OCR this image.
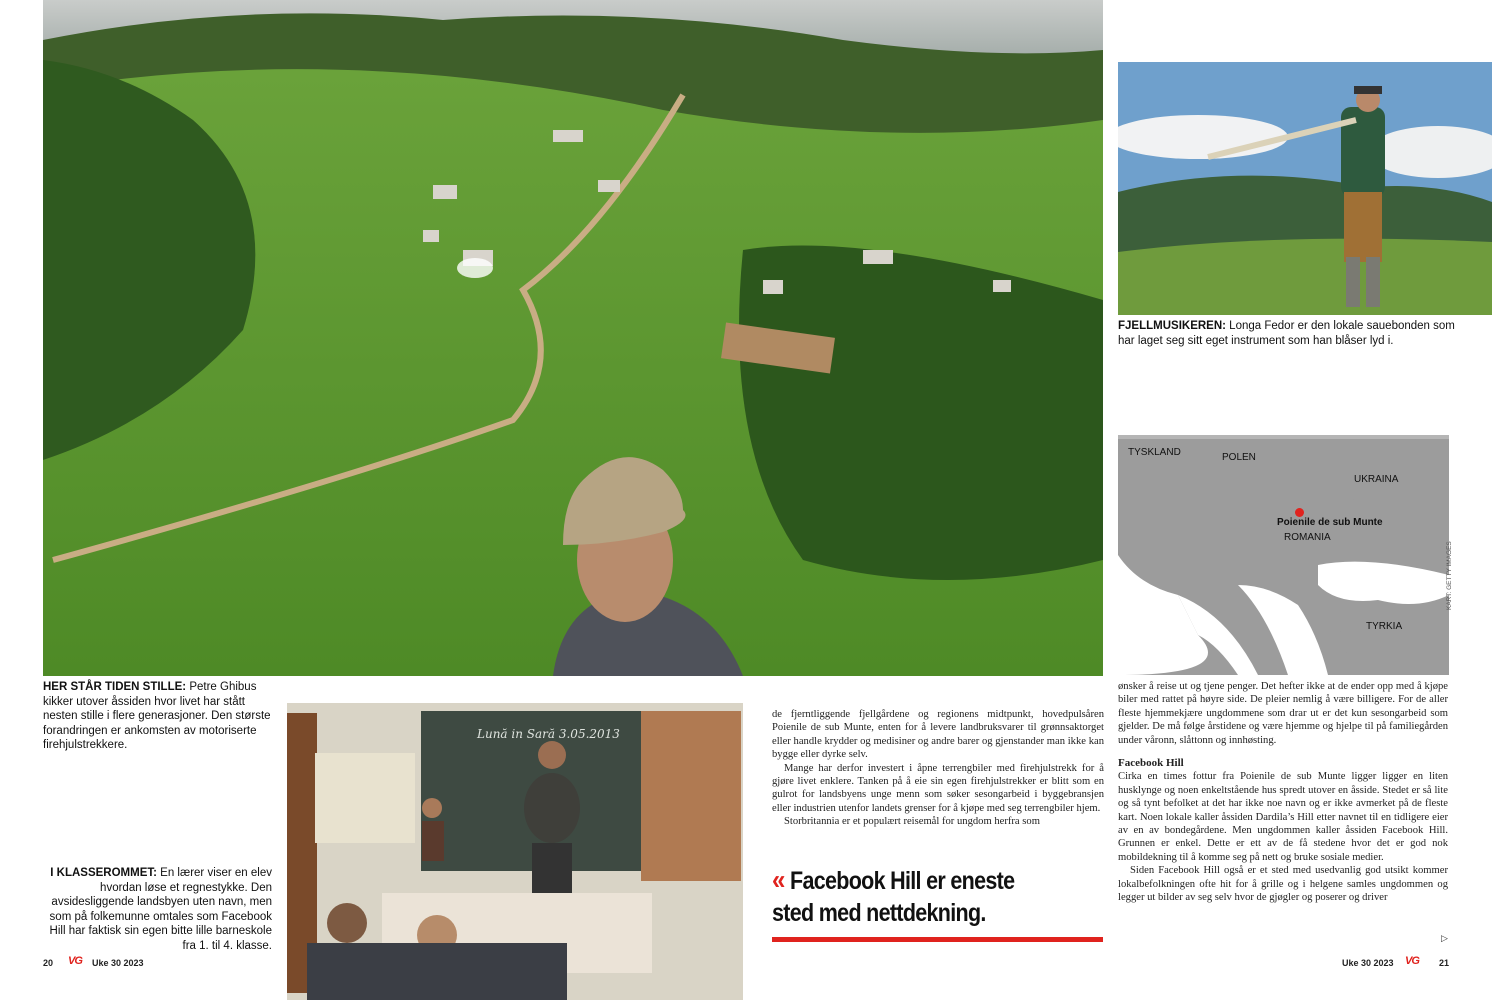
HER STÅR TIDEN STILLE: Petre Ghibus kikker utover åssiden hvor livet har stått nesten stille i flere generasjoner. Den største forandringen er ankomsten av motoriserte firehjulstrekkere.
I KLASSEROMMET: En lærer viser en elev hvordan løse et regnestykke. Den avsidesliggende landsbyen uten navn, men som på folkemunne omtales som Facebook Hill har faktisk sin egen bitte lille barneskole fra 1. til 4. klasse.
Lună in Sară 3.05.2013

de fjerntliggende fjellgårdene og regionens midtpunkt, hovedpulsåren Poienile de sub Munte, enten for å levere landbruksvarer til grønnsaktorget eller handle krydder og medisiner og andre barer og gjenstander man ikke kan bygge eller dyrke selv.

Mange har derfor investert i åpne terrengbiler med firehjulstrekk for å gjøre livet enklere. Tanken på å eie sin egen firehjulstrekker er blitt som en gulrot for landsbyens unge menn som søker sesongarbeid i byggebransjen eller industrien utenfor landets grenser for å kjøpe med seg terrengbiler hjem.

Storbritannia er et populært reisemål for ungdom herfra som

« Facebook Hill er eneste sted med nettdekning.
FJELLMUSIKEREN: Longa Fedor er den lokale sauebonden som har laget seg sitt eget instrument som han blåser lyd i.
TYSKLAND	POLEN
UKRAINA
Poienile de sub Munte
ROMANIA
TYRKIA
KART: GETTY IMAGES

ønsker å reise ut og tjene penger. Det hefter ikke at de ender opp med å kjøpe biler med rattet på høyre side. De pleier nemlig å være billigere. For de aller fleste hjemmekjære ungdommene som drar ut er det kun sesongarbeid som gjelder. De må følge årstidene og være hjemme og hjelpe til på familiegården under våronn, slåttonn og innhøsting.

Facebook Hill

Cirka en times fottur fra Poienile de sub Munte ligger ligger en liten husklynge og noen enkeltstående hus spredt utover en åsside. Stedet er så lite og så tynt befolket at det har ikke noe navn og er ikke avmerket på de fleste kart. Noen lokale kaller åssiden Dardila’s Hill etter navnet til en tidligere eier av en av bondegårdene. Men ungdommen kaller åssiden Facebook Hill. Grunnen er enkel. Dette er ett av de få stedene hvor det er god nok mobildekning til å komme seg på nett og bruke sosiale medier.

Siden Facebook Hill også er et sted med usedvanlig god utsikt kommer lokalbefolkningen ofte hit for å grille og i helgene samles ungdommen og legger ut bilder av seg selv hvor de gjøgler og poserer og driver

▷
20 VG Uke 30 2023	Uke 30 2023 VG 21
